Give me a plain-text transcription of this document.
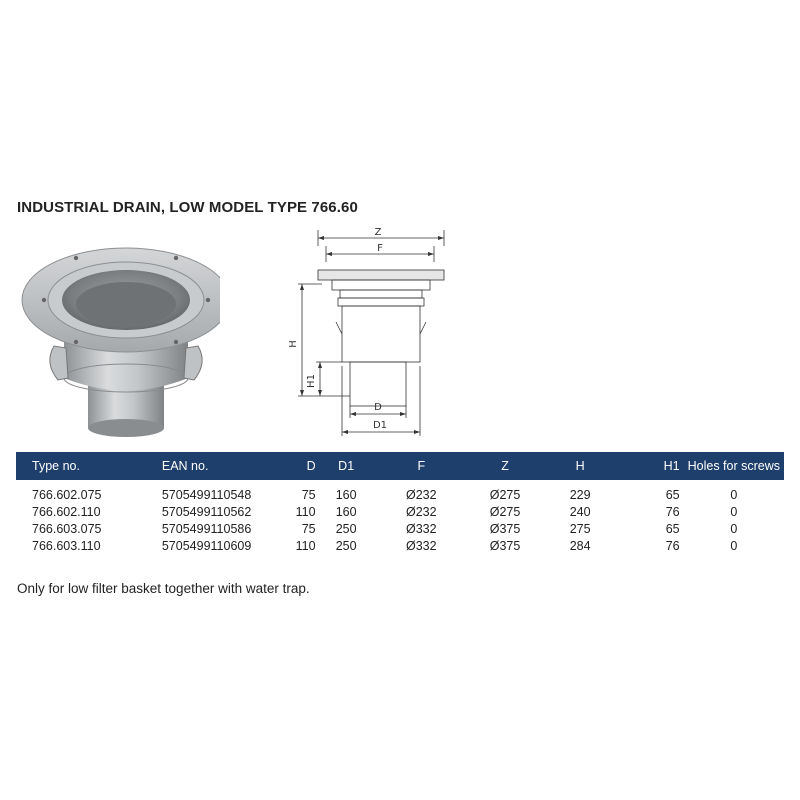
INDUSTRIAL DRAIN, LOW MODEL TYPE 766.60
Z
F
H
H1
D
D1
Type no.	EAN no.	D	D1	F	Z	H	H1	Holes for screws

766.602.075	5705499110548	75	160	Ø232	Ø275	229	65	0
766.602.110	5705499110562	110	160	Ø232	Ø275	240	76	0
766.603.075	5705499110586	75	250	Ø332	Ø375	275	65	0
766.603.110	5705499110609	110	250	Ø332	Ø375	284	76	0
Only for low filter basket together with water trap.
